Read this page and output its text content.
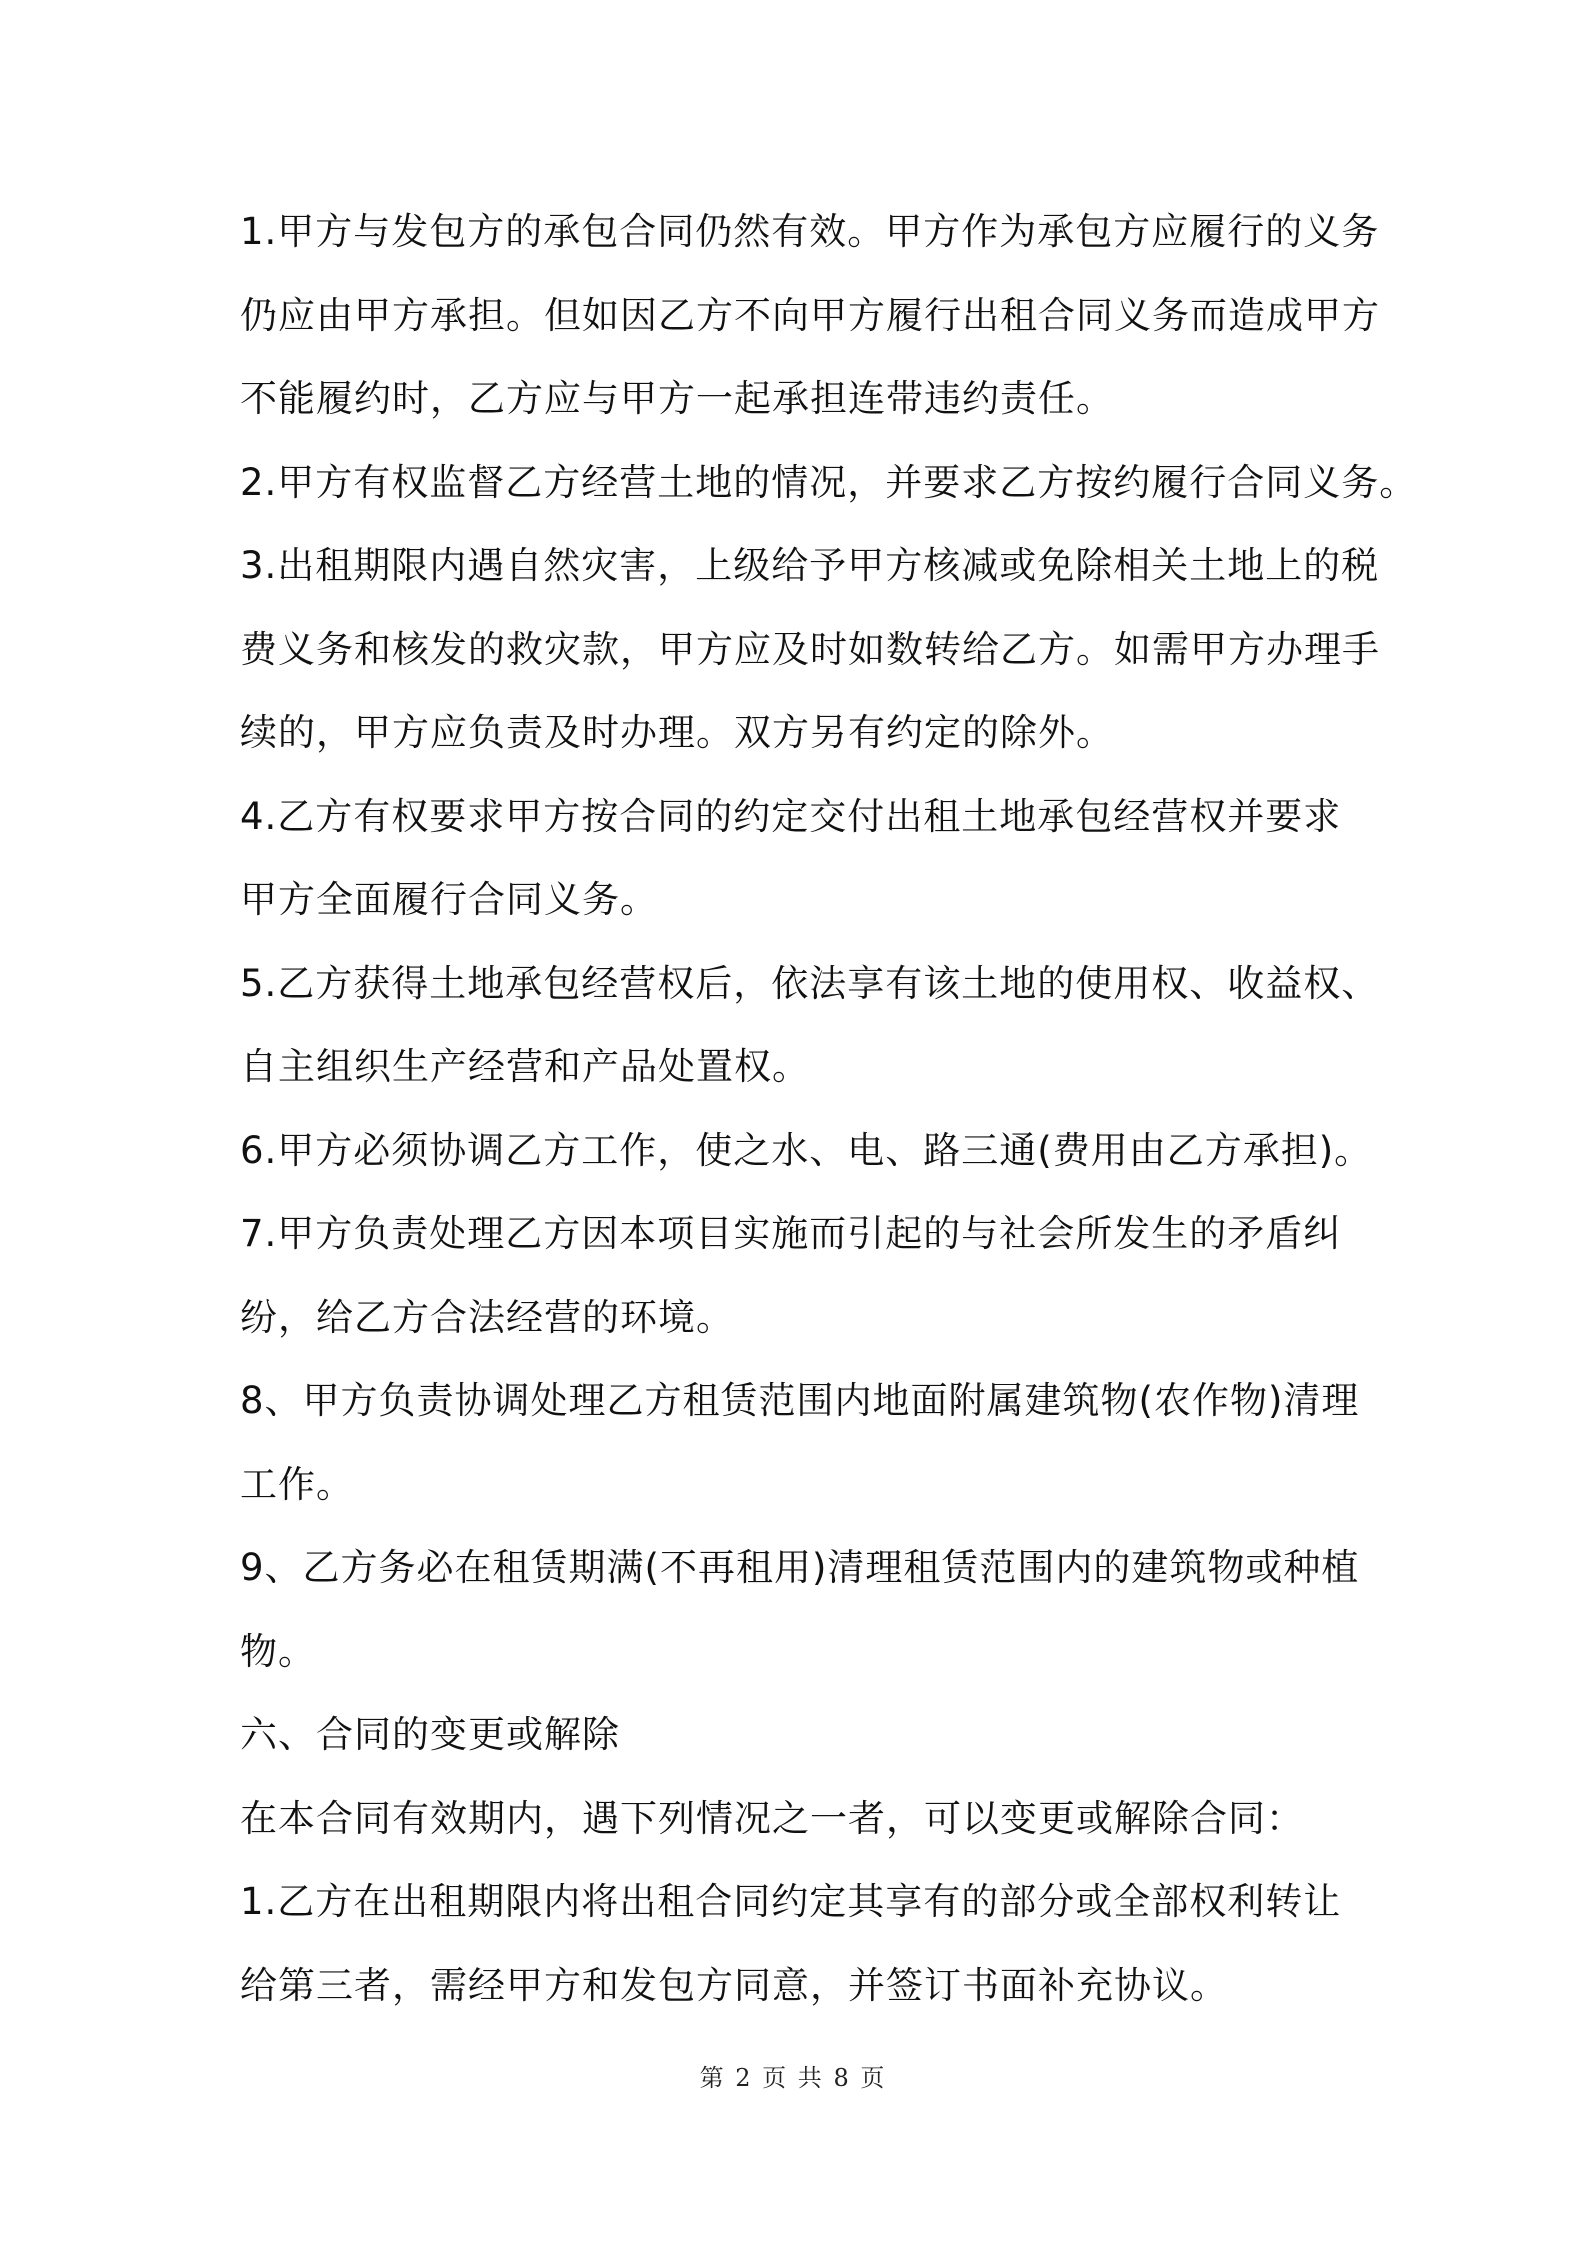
1.甲方与发包方的承包合同仍然有效。甲方作为承包方应履行的义务
仍应由甲方承担。但如因乙方不向甲方履行出租合同义务而造成甲方
不能履约时，乙方应与甲方一起承担连带违约责任。
2.甲方有权监督乙方经营土地的情况，并要求乙方按约履行合同义务。
3.出租期限内遇自然灾害，上级给予甲方核减或免除相关土地上的税
费义务和核发的救灾款，甲方应及时如数转给乙方。如需甲方办理手
续的，甲方应负责及时办理。双方另有约定的除外。
4.乙方有权要求甲方按合同的约定交付出租土地承包经营权并要求
甲方全面履行合同义务。
5.乙方获得土地承包经营权后，依法享有该土地的使用权、收益权、
自主组织生产经营和产品处置权。
6.甲方必须协调乙方工作，使之水、电、路三通(费用由乙方承担)。
7.甲方负责处理乙方因本项目实施而引起的与社会所发生的矛盾纠
纷，给乙方合法经营的环境。
8、甲方负责协调处理乙方租赁范围内地面附属建筑物(农作物)清理
工作。
9、乙方务必在租赁期满(不再租用)清理租赁范围内的建筑物或种植
物。
六、合同的变更或解除
在本合同有效期内，遇下列情况之一者，可以变更或解除合同：
1.乙方在出租期限内将出租合同约定其享有的部分或全部权利转让
给第三者，需经甲方和发包方同意，并签订书面补充协议。
第 2 页 共 8 页
